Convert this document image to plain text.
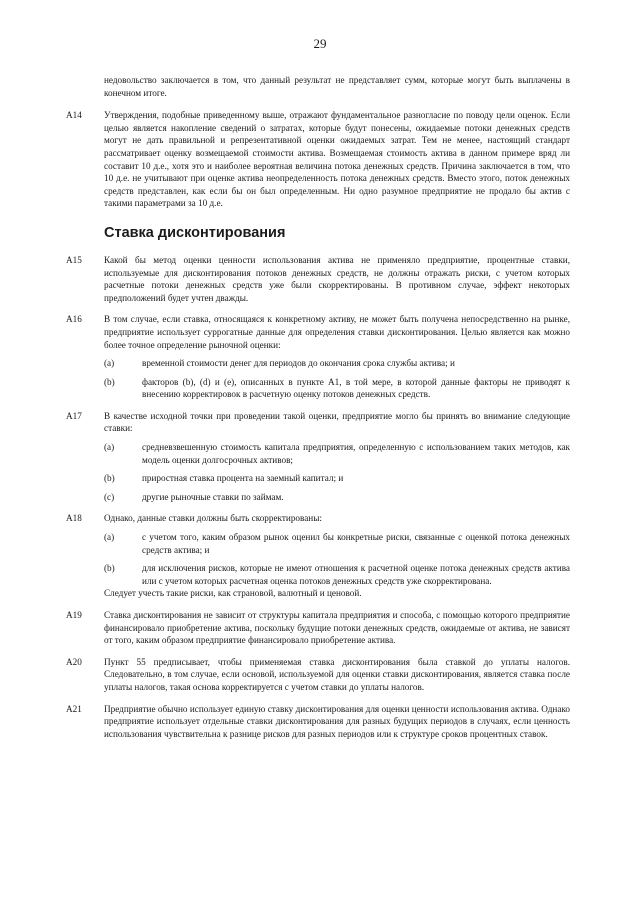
29
недовольство заключается в том, что данный результат не представляет сумм, которые могут быть выплачены в конечном итоге.
A14	Утверждения, подобные приведенному выше, отражают фундаментальное разногласие по поводу цели оценок. Если целью является накопление сведений о затратах, которые будут понесены, ожидаемые потоки денежных средств могут не дать правильной и репрезентативной оценки ожидаемых затрат. Тем не менее, настоящий стандарт рассматривает оценку возмещаемой стоимости актива. Возмещаемая стоимость актива в данном примере вряд ли составит 10 д.е., хотя это и наиболее вероятная величина потока денежных средств. Причина заключается в том, что 10 д.е. не учитывают при оценке актива неопределенность потока денежных средств. Вместо этого, поток денежных средств представлен, как если бы он был определенным. Ни одно разумное предприятие не продало бы актив с такими параметрами за 10 д.е.

Ставка дисконтирования
A15	Какой бы метод оценки ценности использования актива не применяло предприятие, процентные ставки, используемые для дисконтирования потоков денежных средств, не должны отражать риски, с учетом которых расчетные потоки денежных средств уже были скорректированы. В противном случае, эффект некоторых предположений будет учтен дважды.

A16	В том случае, если ставка, относящаяся к конкретному активу, не может быть получена непосредственно на рынке, предприятие использует суррогатные данные для определения ставки дисконтирования. Целью является как можно более точное определение рыночной оценки:

(a)	временной стоимости денег для периодов до окончания срока службы актива; и
(b)	факторов (b), (d) и (e), описанных в пункте A1, в той мере, в которой данные факторы не приводят к внесению корректировок в расчетную оценку потоков денежных средств.
A17	В качестве исходной точки при проведении такой оценки, предприятие могло бы принять во внимание следующие ставки:

(a)	средневзвешенную стоимость капитала предприятия, определенную с использованием таких методов, как модель оценки долгосрочных активов;
(b)	приростная ставка процента на заемный капитал; и
(c)	другие рыночные ставки по займам.
A18	Однако, данные ставки должны быть скорректированы:

(a)	с учетом того, каким образом рынок оценил бы конкретные риски, связанные с оценкой потока денежных средств актива; и
(b)	для исключения рисков, которые не имеют отношения к расчетной оценке потока денежных средств актива или с учетом которых расчетная оценка потоков денежных средств уже скорректирована.

Следует учесть такие риски, как страновой, валютный и ценовой.

A19	Ставка дисконтирования не зависит от структуры капитала предприятия и способа, с помощью которого предприятие финансировало приобретение актива, поскольку будущие потоки денежных средств, ожидаемые от актива, не зависят от того, каким образом предприятие финансировало приобретение актива.

A20	Пункт 55 предписывает, чтобы применяемая ставка дисконтирования была ставкой до уплаты налогов. Следовательно, в том случае, если основой, используемой для оценки ставки дисконтирования, является ставка после уплаты налогов, такая основа корректируется с учетом ставки до уплаты налогов.

A21	Предприятие обычно использует единую ставку дисконтирования для оценки ценности использования актива. Однако предприятие использует отдельные ставки дисконтирования для разных будущих периодов в случаях, если ценность использования чувствительна к разнице рисков для разных периодов или к структуре сроков процентных ставок.
